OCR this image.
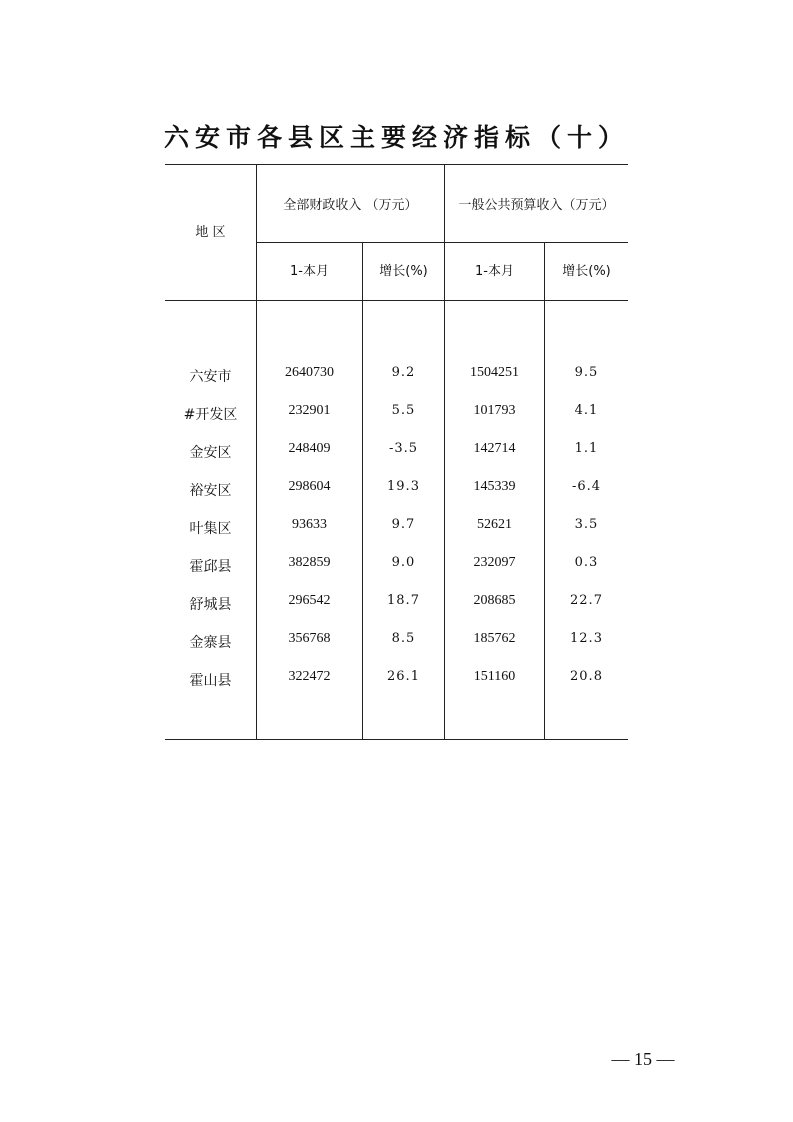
六安市各县区主要经济指标（十）
地 区
全部财政收入 （万元）	一般公共预算收入（万元）
1-本月	增长(%)	1-本月	增长(%)
六安市	2640730	9.2	1504251	9.5
#开发区	232901	5.5	101793	4.1
金安区	248409	-3.5	142714	1.1
裕安区	298604	19.3	145339	-6.4
叶集区	93633	9.7	52621	3.5
霍邱县	382859	9.0	232097	0.3
舒城县	296542	18.7	208685	22.7
金寨县	356768	8.5	185762	12.3
霍山县	322472	26.1	151160	20.8
— 15 —
